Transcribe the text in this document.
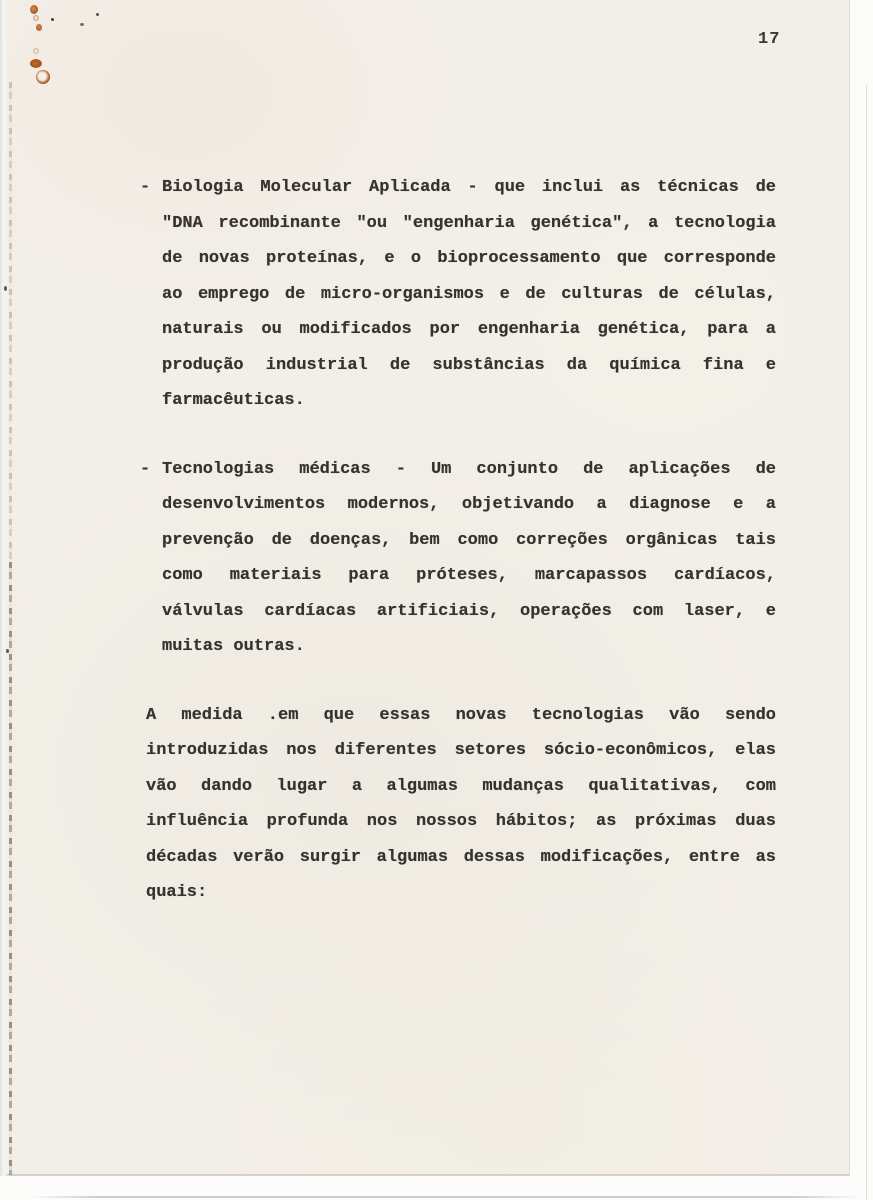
17
- Biologia Molecular Aplicada - que inclui as técnicas de
"DNA recombinante "ou "engenharia genética", a tecnologia
de novas proteínas, e o bioprocessamento que corresponde
ao emprego de micro-organismos e de culturas de células,
naturais ou modificados por engenharia genética, para a
produção industrial de substâncias da química fina e
farmacêuticas.
- Tecnologias médicas - Um conjunto de aplicações de
desenvolvimentos modernos, objetivando a diagnose e a
prevenção de doenças, bem como correções orgânicas tais
como materiais para próteses, marcapassos cardíacos,
válvulas cardíacas artificiais, operações com laser, e
muitas outras.
A medida .em que essas novas tecnologias vão sendo
introduzidas nos diferentes setores sócio-econômicos, elas
vão dando lugar a algumas mudanças qualitativas, com
influência profunda nos nossos hábitos; as próximas duas
décadas verão surgir algumas dessas modificações, entre as
quais:
